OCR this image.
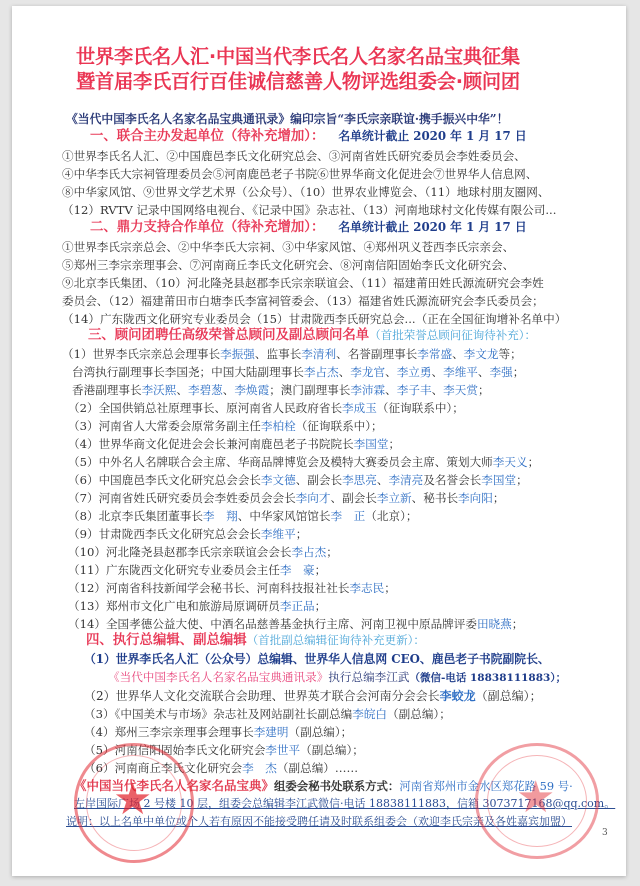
世界李氏名人汇·中国当代李氏名人名家名品宝典征集
暨首届李氏百行百佳诚信慈善人物评选组委会·顾问团
《当代中国李氏名人名家名品宝典通讯录》编印宗旨“李氏宗亲联谊·携手振兴中华”！
一、联合主办发起单位（待补充增加）： 名单统计截止 2020 年 1 月 17 日
①世界李氏名人汇、②中国鹿邑李氏文化研究总会、③河南省姓氏研究委员会李姓委员会、
④中华李氏大宗祠管理委员会⑤河南鹿邑老子书院⑥世界华商文化促进会⑦世界华人信息网、
⑧中华家风馆、⑨世界文学艺术界（公众号）、（10）世界农业博览会、（11）地球村朋友圈网、
（12）RVTV 记录中国网络电视台、《记录中国》杂志社、（13）河南地球村文化传媒有限公司...
二、鼎力支持合作单位（待补充增加）： 名单统计截止 2020 年 1 月 17 日
①世界李氏宗亲总会、②中华李氏大宗祠、③中华家风馆、④郑州巩义苍西李氏宗亲会、
⑤郑州三李宗亲理事会、⑦河南商丘李氏文化研究会、⑧河南信阳固始李氏文化研究会、
⑨北京李氏集团、（10）河北隆尧县赵郡李氏宗亲联谊会、（11）福建莆田姓氏源流研究会李姓
委员会、（12）福建莆田市白塘李氏李富祠管委会、（13）福建省姓氏源流研究会李氏委员会；
（14）广东陇西文化研究专业委员会（15）甘肃陇西李氏研究总会...（正在全国征询增补名单中）
三、顾问团聘任高级荣誉总顾问及副总顾问名单（首批荣誉总顾问征询待补充）：
（1）世界李氏宗亲总会理事长李振强、监事长李清利、名誉副理事长李常盛、李文龙等；
台湾执行副理事长李国尧；中国大陆副理事长李占杰、李龙官、李立勇、李维平、李强；
香港副理事长李沃熙、李碧葱、李焕霞；澳门副理事长李沛霖、李子丰、李天赏；
（2）全国供销总社原理事长、原河南省人民政府省长李成玉（征询联系中）；
（3）河南省人大常委会原常务副主任李柏栓（征询联系中）；
（4）世界华商文化促进会会长兼河南鹿邑老子书院院长李国堂；
（5）中外名人名牌联合会主席、华商品牌博览会及模特大赛委员会主席、策划大师李天义；
（6）中国鹿邑李氏文化研究总会会长李文德、副会长李思亮、李清亮及名誉会长李国堂；
（7）河南省姓氏研究委员会李姓委员会会长李向才、副会长李立新、秘书长李向阳；
（8）北京李氏集团董事长李　翔、中华家风馆馆长李　正（北京）；
（9）甘肃陇西李氏文化研究总会会长李维平；
（10）河北隆尧县赵郡李氏宗亲联谊会会长李占杰；
（11）广东陇西文化研究专业委员会主任李　豪；
（12）河南省科技新闻学会秘书长、河南科技报社社长李志民；
（13）郑州市文化广电和旅游局原调研员李正品；
（14）全国孝德公益大使、中酒名品慈善基金执行主席、河南卫视中原品牌评委田晓燕；
四、执行总编辑、副总编辑（首批副总编辑征询待补充更新）：
（1）世界李氏名人汇（公众号）总编辑、世界华人信息网 CEO、鹿邑老子书院副院长、
《当代中国李氏名人名家名品宝典通讯录》执行总编李江武（微信-电话 18838111883）；
（2）世界华人文化交流联合会助理、世界英才联合会河南分会会长李蛟龙（副总编）；
（3）《中国美术与市场》杂志社及网站副社长副总编李皖白（副总编）；
（4）郑州三李宗亲理事会理事长李建明（副总编）；
（5）河南信阳固始李氏文化研究会李世平（副总编）；
（6）河南商丘李氏文化研究会李　杰（副总编）……
《中国当代李氏名人名家名品宝典》组委会秘书处联系方式：河南省郑州市金水区郑花路 59 号·
左岸国际广场 2 号楼 10 层，组委会总编辑李江武微信·电话 18838111883，信箱 3073717168@qq.com。
说明：以上名单中单位或个人若有原因不能接受聘任请及时联系组委会（欢迎李氏宗亲及各姓嘉宾加盟）
3
★	★
